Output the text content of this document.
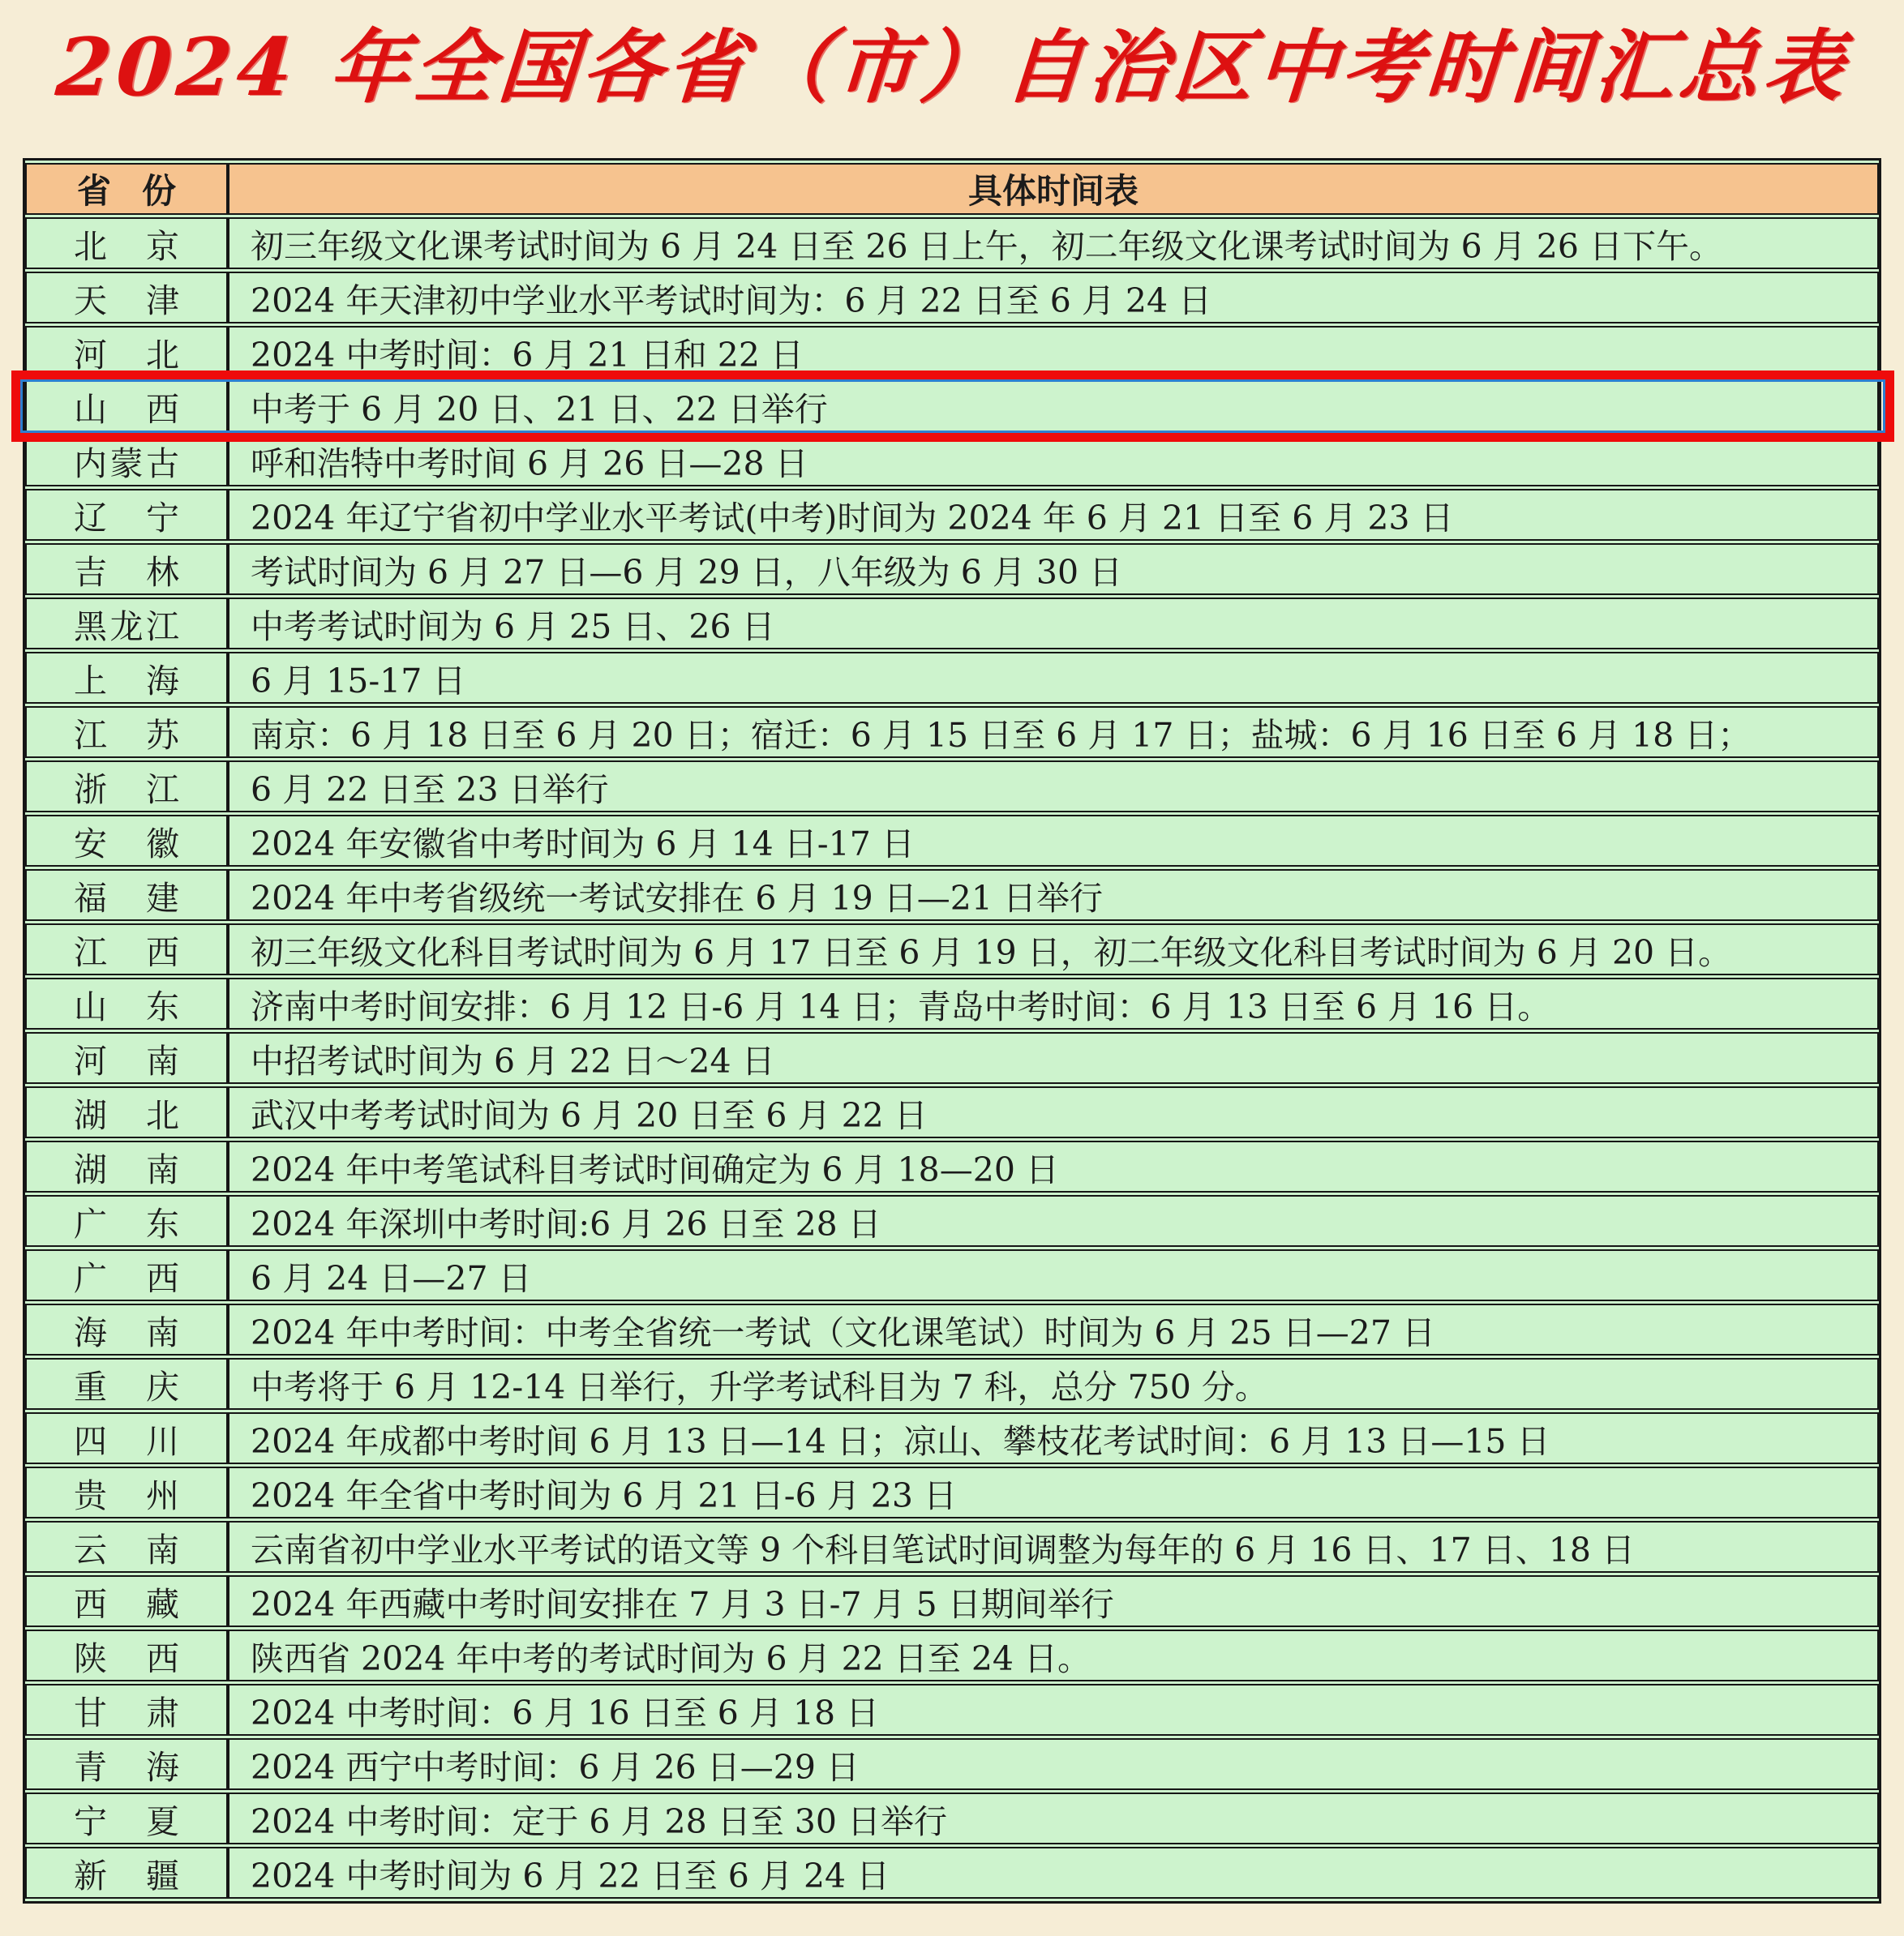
2024 年全国各省（市）自治区中考时间汇总表
省份	具体时间表
北京	初三年级文化课考试时间为 6 月 24 日至 26 日上午，初二年级文化课考试时间为 6 月 26 日下午。
天津	2024 年天津初中学业水平考试时间为：6 月 22 日至 6 月 24 日
河北	2024 中考时间：6 月 21 日和 22 日
山西	中考于 6 月 20 日、21 日、22 日举行
内蒙古	呼和浩特中考时间 6 月 26 日—28 日
辽宁	2024 年辽宁省初中学业水平考试(中考)时间为 2024 年 6 月 21 日至 6 月 23 日
吉林	考试时间为 6 月 27 日—6 月 29 日，八年级为 6 月 30 日
黑龙江	中考考试时间为 6 月 25 日、26 日
上海	6 月 15-17 日
江苏	南京：6 月 18 日至 6 月 20 日；宿迁：6 月 15 日至 6 月 17 日；盐城：6 月 16 日至 6 月 18 日；
浙江	6 月 22 日至 23 日举行
安徽	2024 年安徽省中考时间为 6 月 14 日-17 日
福建	2024 年中考省级统一考试安排在 6 月 19 日—21 日举行
江西	初三年级文化科目考试时间为 6 月 17 日至 6 月 19 日，初二年级文化科目考试时间为 6 月 20 日。
山东	济南中考时间安排：6 月 12 日-6 月 14 日；青岛中考时间：6 月 13 日至 6 月 16 日。
河南	中招考试时间为 6 月 22 日～24 日
湖北	武汉中考考试时间为 6 月 20 日至 6 月 22 日
湖南	2024 年中考笔试科目考试时间确定为 6 月 18—20 日
广东	2024 年深圳中考时间:6 月 26 日至 28 日
广西	6 月 24 日—27 日
海南	2024 年中考时间：中考全省统一考试（文化课笔试）时间为 6 月 25 日—27 日
重庆	中考将于 6 月 12-14 日举行，升学考试科目为 7 科，总分 750 分。
四川	2024 年成都中考时间 6 月 13 日—14 日；凉山、攀枝花考试时间：6 月 13 日—15 日
贵州	2024 年全省中考时间为 6 月 21 日-6 月 23 日
云南	云南省初中学业水平考试的语文等 9 个科目笔试时间调整为每年的 6 月 16 日、17 日、18 日
西藏	2024 年西藏中考时间安排在 7 月 3 日-7 月 5 日期间举行
陕西	陕西省 2024 年中考的考试时间为 6 月 22 日至 24 日。
甘肃	2024 中考时间：6 月 16 日至 6 月 18 日
青海	2024 西宁中考时间：6 月 26 日—29 日
宁夏	2024 中考时间：定于 6 月 28 日至 30 日举行
新疆	2024 中考时间为 6 月 22 日至 6 月 24 日
